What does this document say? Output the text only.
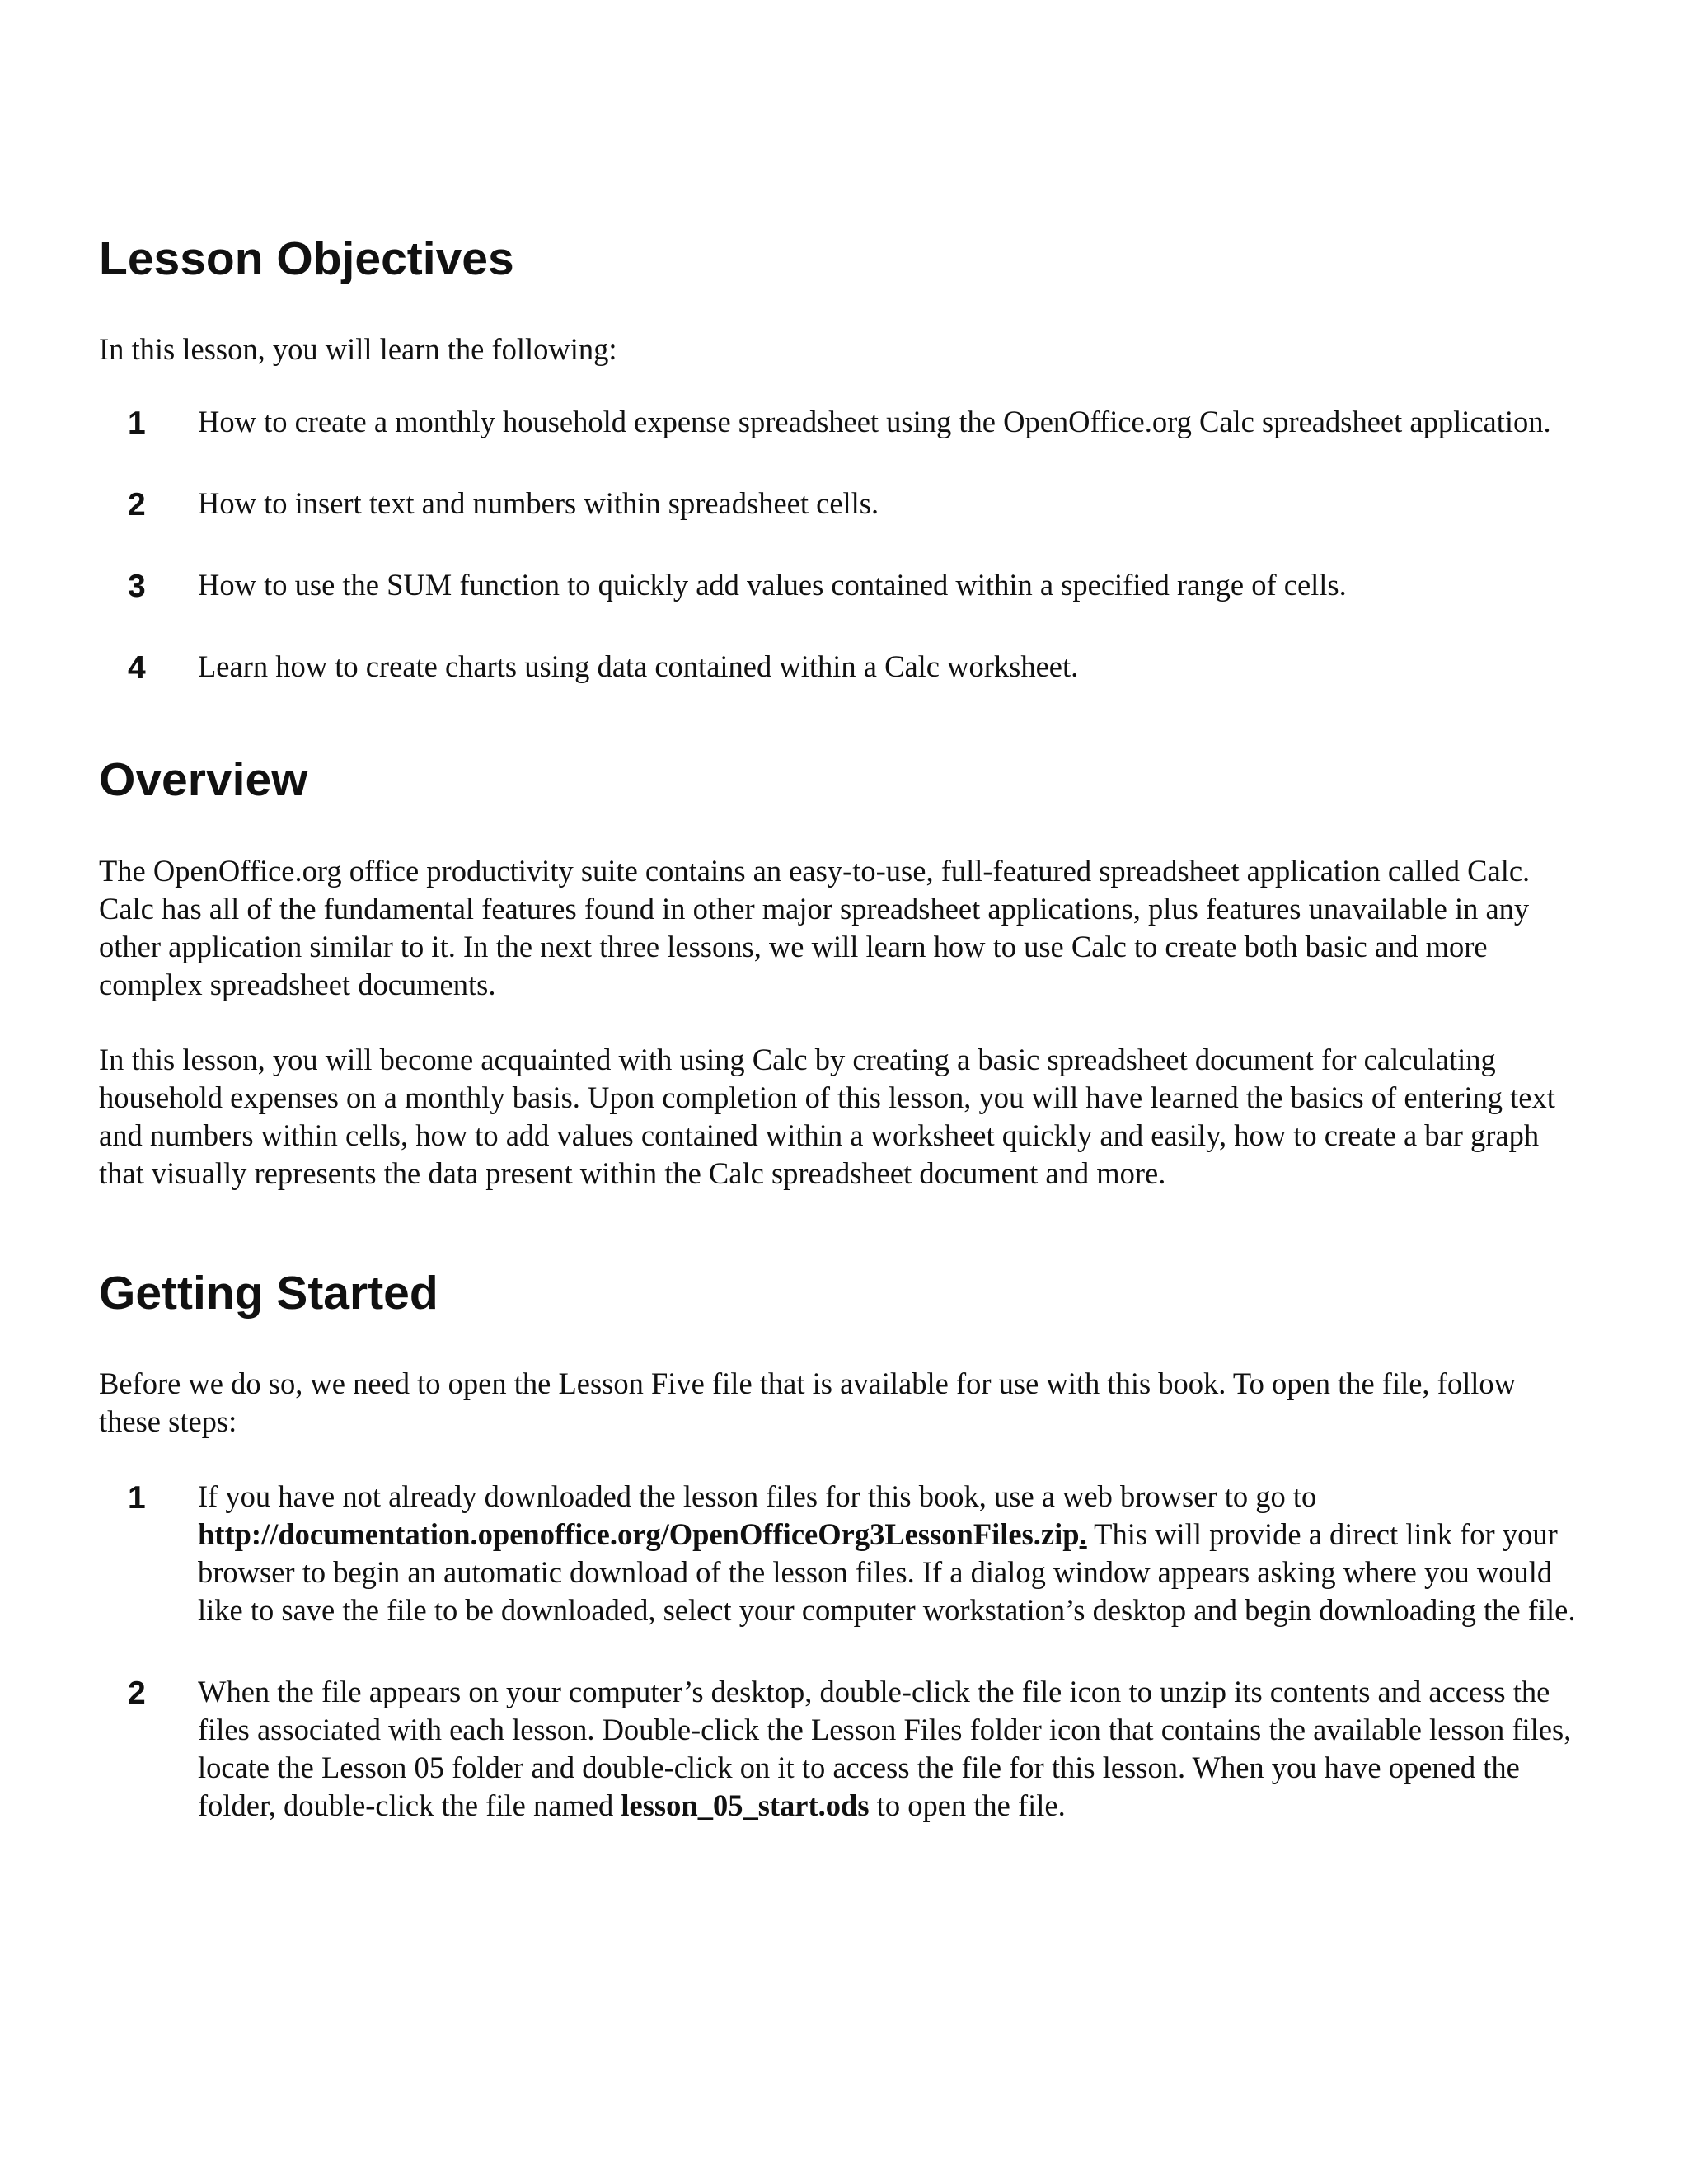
Lesson Objectives

In this lesson, you will learn the following:

1 How to create a monthly household expense spreadsheet using the OpenOffice.org Calc spreadsheet application.

2 How to insert text and numbers within spreadsheet cells.

3 How to use the SUM function to quickly add values contained within a specified range of cells.

4 Learn how to create charts using data contained within a Calc worksheet.

Overview

The OpenOffice.org office productivity suite contains an easy-to-use, full-featured spreadsheet application called Calc. Calc has all of the fundamental features found in other major spreadsheet applications, plus features unavailable in any other application similar to it. In the next three lessons, we will learn how to use Calc to create both basic and more complex spreadsheet documents.

In this lesson, you will become acquainted with using Calc by creating a basic spreadsheet document for calculating household expenses on a monthly basis. Upon completion of this lesson, you will have learned the basics of entering text and numbers within cells, how to add values contained within a worksheet quickly and easily, how to create a bar graph that visually represents the data present within the Calc spreadsheet document and more.

Getting Started

Before we do so, we need to open the Lesson Five file that is available for use with this book. To open the file, follow these steps:

1 If you have not already downloaded the lesson files for this book, use a web browser to go to http://documentation.openoffice.org/OpenOfficeOrg3LessonFiles.zip. This will provide a direct link for your browser to begin an automatic download of the lesson files. If a dialog window appears asking where you would like to save the file to be downloaded, select your computer workstation’s desktop and begin downloading the file.

2 When the file appears on your computer’s desktop, double-click the file icon to unzip its contents and access the files associated with each lesson. Double-click the Lesson Files folder icon that contains the available lesson files, locate the Lesson 05 folder and double-click on it to access the file for this lesson. When you have opened the folder, double-click the file named lesson_05_start.ods to open the file.
